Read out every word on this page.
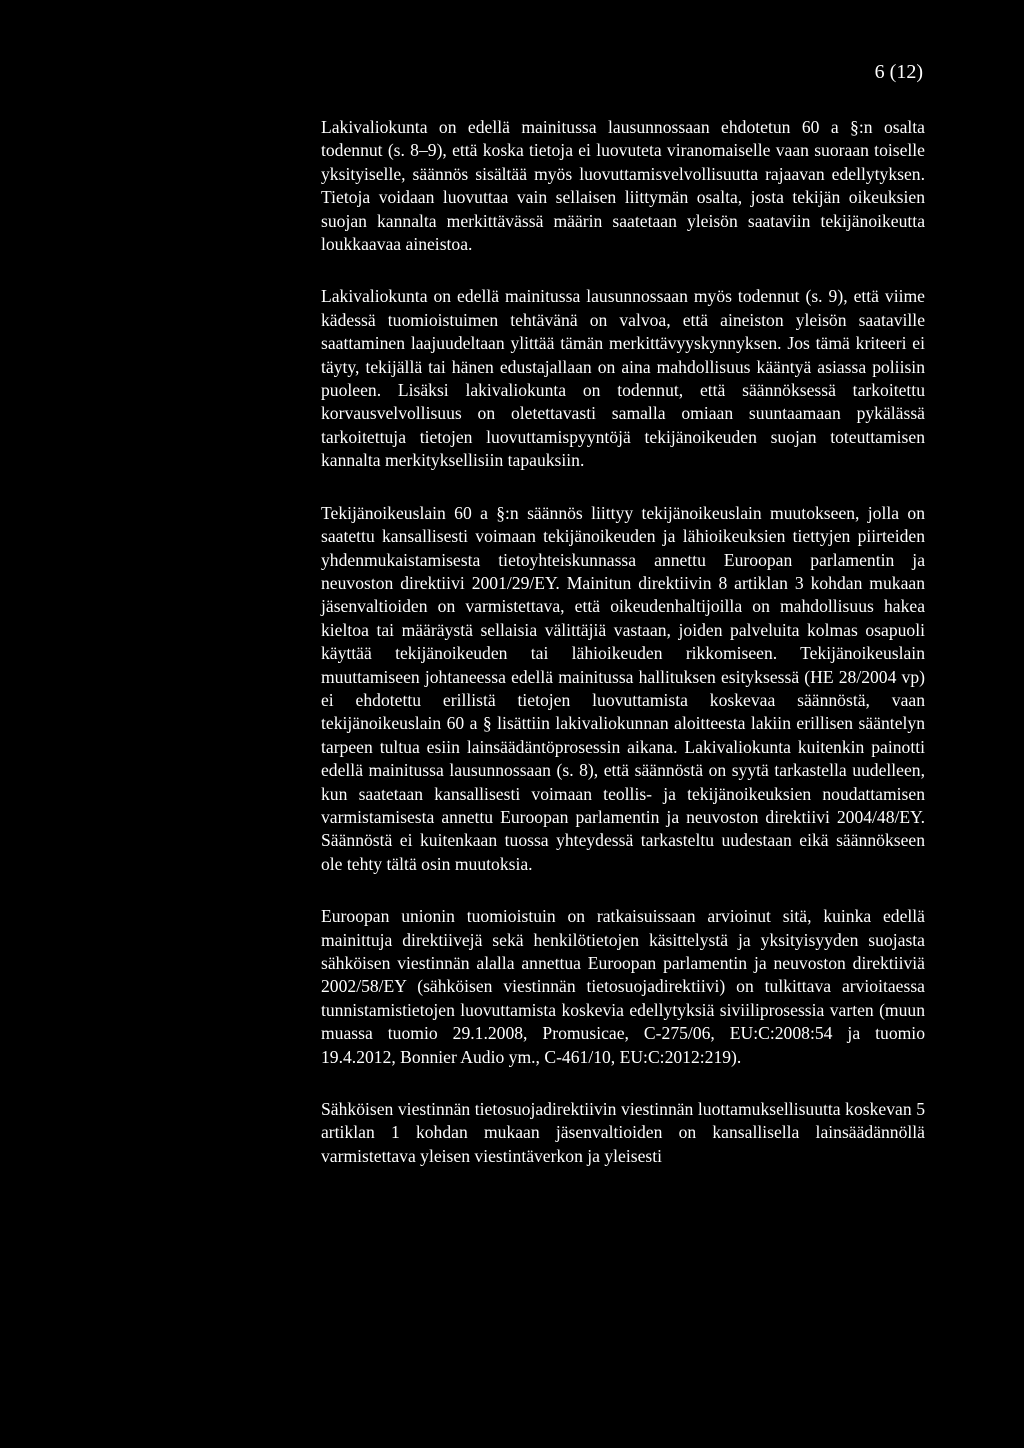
6 (12)

Lakivaliokunta on edellä mainitussa lausunnossaan ehdotetun 60 a §:n osalta todennut (s. 8–9), että koska tietoja ei luovuteta viranomaiselle vaan suoraan toiselle yksityiselle, säännös sisältää myös luovuttamisvelvollisuutta rajaavan edellytyksen. Tietoja voidaan luovuttaa vain sellaisen liittymän osalta, josta tekijän oikeuksien suojan kannalta merkittävässä määrin saatetaan yleisön saataviin tekijänoikeutta loukkaavaa aineistoa.

Lakivaliokunta on edellä mainitussa lausunnossaan myös todennut (s. 9), että viime kädessä tuomioistuimen tehtävänä on valvoa, että aineiston yleisön saataville saattaminen laajuudeltaan ylittää tämän merkittävyyskynnyksen. Jos tämä kriteeri ei täyty, tekijällä tai hänen edustajallaan on aina mahdollisuus kääntyä asiassa poliisin puoleen. Lisäksi lakivaliokunta on todennut, että säännöksessä tarkoitettu korvausvelvollisuus on oletettavasti samalla omiaan suuntaamaan pykälässä tarkoitettuja tietojen luovuttamispyyntöjä tekijänoikeuden suojan toteuttamisen kannalta merkityksellisiin tapauksiin.

Tekijänoikeuslain 60 a §:n säännös liittyy tekijänoikeuslain muutokseen, jolla on saatettu kansallisesti voimaan tekijänoikeuden ja lähioikeuksien tiettyjen piirteiden yhdenmukaistamisesta tietoyhteiskunnassa annettu Euroopan parlamentin ja neuvoston direktiivi 2001/29/EY. Mainitun direktiivin 8 artiklan 3 kohdan mukaan jäsenvaltioiden on varmistettava, että oikeudenhaltijoilla on mahdollisuus hakea kieltoa tai määräystä sellaisia välittäjiä vastaan, joiden palveluita kolmas osapuoli käyttää tekijänoikeuden tai lähioikeuden rikkomiseen. Tekijänoikeuslain muuttamiseen johtaneessa edellä mainitussa hallituksen esityksessä (HE 28/2004 vp) ei ehdotettu erillistä tietojen luovuttamista koskevaa säännöstä, vaan tekijänoikeuslain 60 a § lisättiin lakivaliokunnan aloitteesta lakiin erillisen sääntelyn tarpeen tultua esiin lainsäädäntöprosessin aikana. Lakivaliokunta kuitenkin painotti edellä mainitussa lausunnossaan (s. 8), että säännöstä on syytä tarkastella uudelleen, kun saatetaan kansallisesti voimaan teollis- ja tekijänoikeuksien noudattamisen varmistamisesta annettu Euroopan parlamentin ja neuvoston direktiivi 2004/48/EY. Säännöstä ei kuitenkaan tuossa yhteydessä tarkasteltu uudestaan eikä säännökseen ole tehty tältä osin muutoksia.

Euroopan unionin tuomioistuin on ratkaisuissaan arvioinut sitä, kuinka edellä mainittuja direktiivejä sekä henkilötietojen käsittelystä ja yksityisyyden suojasta sähköisen viestinnän alalla annettua Euroopan parlamentin ja neuvoston direktiiviä 2002/58/EY (sähköisen viestinnän tietosuojadirektiivi) on tulkittava arvioitaessa tunnistamistietojen luovuttamista koskevia edellytyksiä siviiliprosessia varten (muun muassa tuomio 29.1.2008, Promusicae, C-275/06, EU:C:2008:54 ja tuomio 19.4.2012, Bonnier Audio ym., C-461/10, EU:C:2012:219).

Sähköisen viestinnän tietosuojadirektiivin viestinnän luottamuksellisuutta koskevan 5 artiklan 1 kohdan mukaan jäsenvaltioiden on kansallisella lainsäädännöllä varmistettava yleisen viestintäverkon ja yleisesti
